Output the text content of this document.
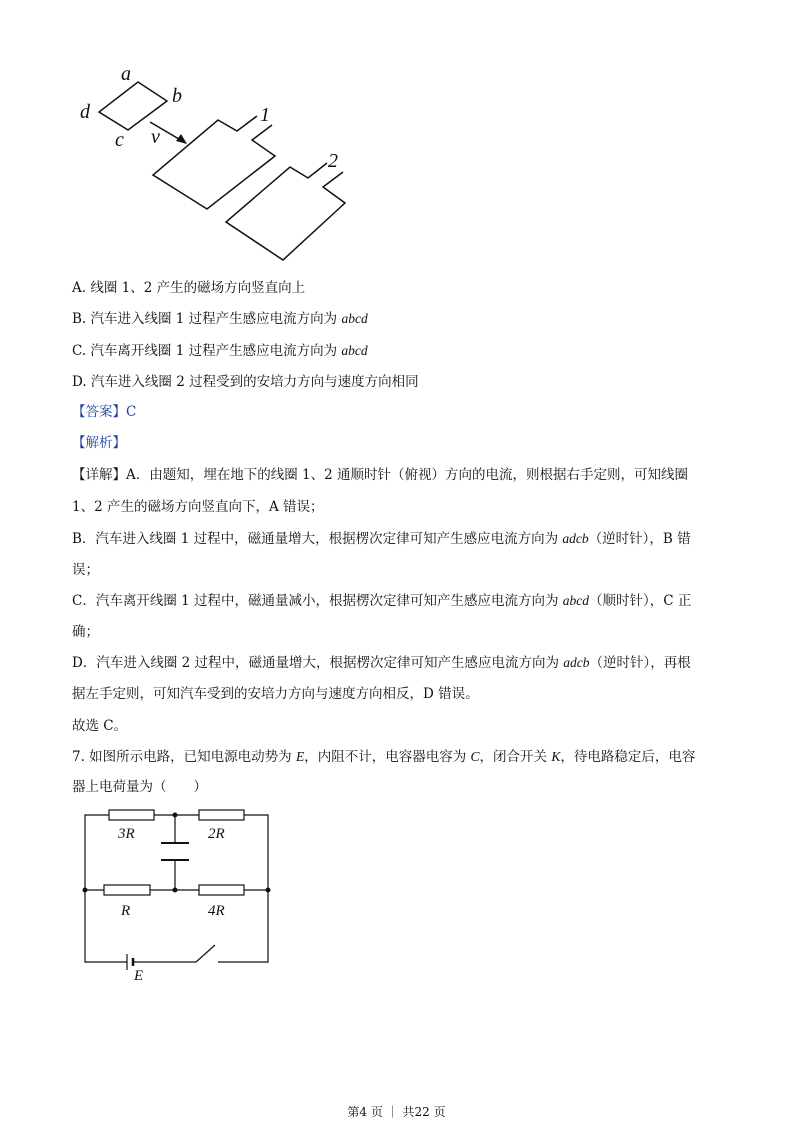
a
b
d
c v
1
2
3R	2R
R	4R
E
A. 线圈 1、2 产生的磁场方向竖直向上
B. 汽车进入线圈 1 过程产生感应电流方向为 abcd
C. 汽车离开线圈 1 过程产生感应电流方向为 abcd
D. 汽车进入线圈 2 过程受到的安培力方向与速度方向相同
【答案】C
【解析】
【详解】A．由题知，埋在地下的线圈 1、2 通顺时针（俯视）方向的电流，则根据右手定则，可知线圈
1、2 产生的磁场方向竖直向下，A 错误；
B．汽车进入线圈 1 过程中，磁通量增大，根据楞次定律可知产生感应电流方向为 adcb（逆时针），B 错
误；
C．汽车离开线圈 1 过程中，磁通量减小，根据楞次定律可知产生感应电流方向为 abcd（顺时针），C 正
确；
D．汽车进入线圈 2 过程中，磁通量增大，根据楞次定律可知产生感应电流方向为 adcb（逆时针），再根
据左手定则，可知汽车受到的安培力方向与速度方向相反，D 错误。
故选 C。
7. 如图所示电路，已知电源电动势为 E，内阻不计，电容器电容为 C，闭合开关 K，待电路稳定后，电容
器上电荷量为（　　）
第4 页 ｜ 共22 页
